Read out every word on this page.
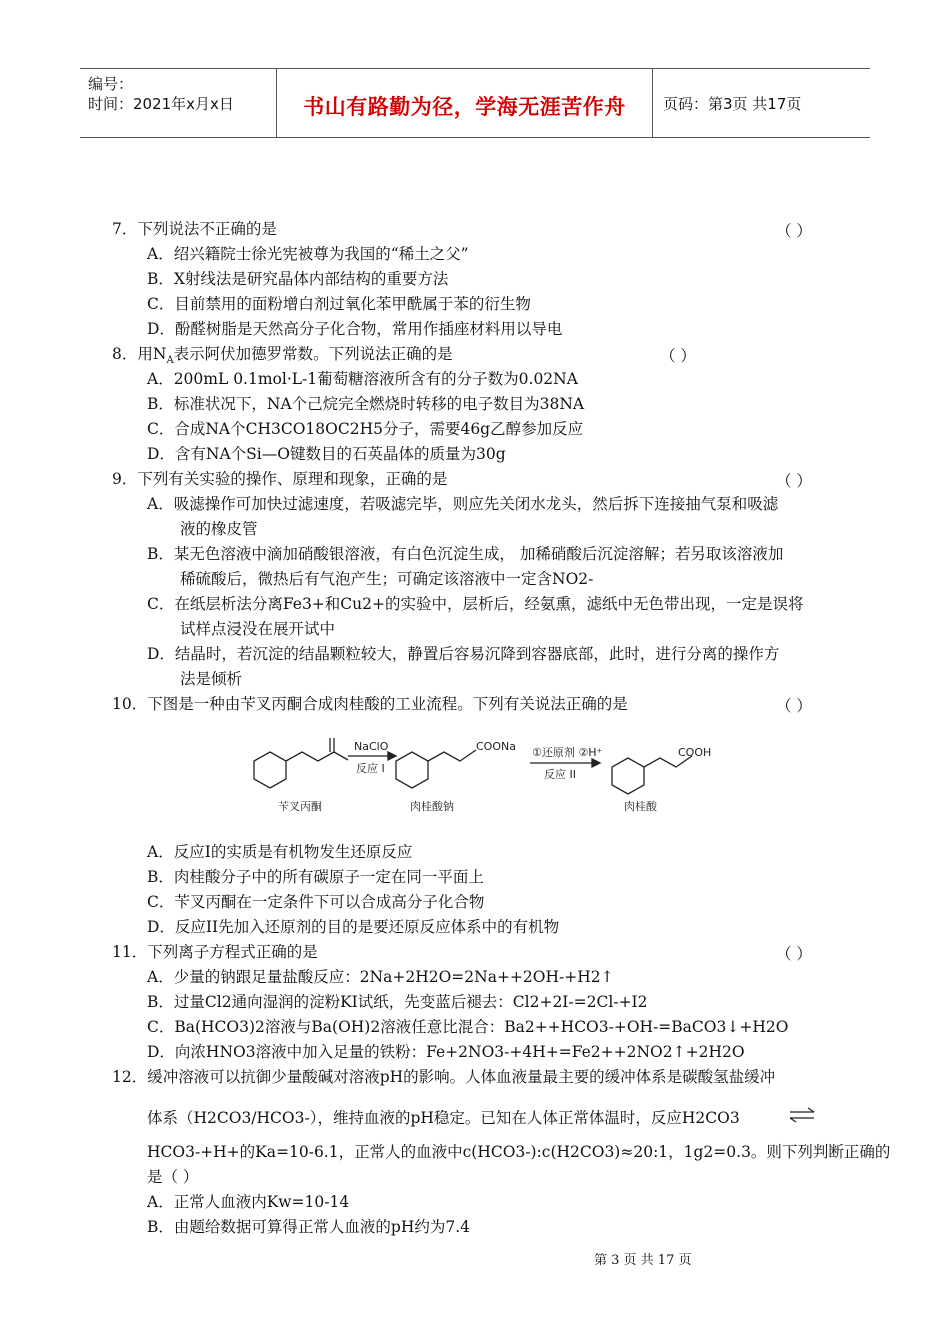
编号：
时间：2021年x月x日	书山有路勤为径，学海无涯苦作舟	页码：第3页 共17页
7．下列说法不正确的是	（ ）
A．绍兴籍院士徐光宪被尊为我国的“稀土之父”
B．X射线法是研究晶体内部结构的重要方法
C．目前禁用的面粉增白剂过氧化苯甲酰属于苯的衍生物
D．酚醛树脂是天然高分子化合物，常用作插座材料用以导电
8．用$N_A$表示阿伏加德罗常数。下列说法正确的是	（ ）
A．200mL 0.1mol·L-1葡萄糖溶液所含有的分子数为0.02NA
B．标准状况下，NA个己烷完全燃烧时转移的电子数目为38NA
C．合成NA个CH3CO18OC2H5分子，需要46g乙醇参加反应
D．含有NA个Si—O键数目的石英晶体的质量为30g
9．下列有关实验的操作、原理和现象，正确的是	（ ）
A．吸滤操作可加快过滤速度，若吸滤完毕，则应先关闭水龙头，然后拆下连接抽气泵和吸滤
液的橡皮管
B．某无色溶液中滴加硝酸银溶液，有白色沉淀生成， 加稀硝酸后沉淀溶解；若另取该溶液加
稀硫酸后，微热后有气泡产生；可确定该溶液中一定含NO2-
C．在纸层析法分离Fe3+和Cu2+的实验中，层析后，经氨熏，滤纸中无色带出现，一定是误将
试样点浸没在展开试中
D．结晶时，若沉淀的结晶颗粒较大，静置后容易沉降到容器底部，此时，进行分离的操作方
法是倾析
10．下图是一种由苄叉丙酮合成肉桂酸的工业流程。下列有关说法正确的是	（ ）
NaClO
反应 I
COONa ①还原剂 ②H⁺
反应 II
COOH
苄叉丙酮	肉桂酸钠	肉桂酸
A．反应I的实质是有机物发生还原反应
B．肉桂酸分子中的所有碳原子一定在同一平面上
C．苄叉丙酮在一定条件下可以合成高分子化合物
D．反应II先加入还原剂的目的是要还原反应体系中的有机物
11．下列离子方程式正确的是	（ ）
A．少量的钠跟足量盐酸反应：2Na+2H2O=2Na++2OH-+H2↑
B．过量Cl2通向湿润的淀粉KI试纸，先变蓝后褪去：Cl2+2I-=2Cl-+I2
C．Ba(HCO3)2溶液与Ba(OH)2溶液任意比混合：Ba2++HCO3-+OH-=BaCO3↓+H2O
D．向浓HNO3溶液中加入足量的铁粉：Fe+2NO3-+4H+=Fe2++2NO2↑+2H2O
12．缓冲溶液可以抗御少量酸碱对溶液pH的影响。人体血液量最主要的缓冲体系是碳酸氢盐缓冲
体系（H2CO3/HCO3-），维持血液的pH稳定。已知在人体正常体温时，反应H2CO3
HCO3-+H+的Ka=10-6.1，正常人的血液中c(HCO3-):c(H2CO3)≈20:1，1g2=0.3。则下列判断正确的
是（ ）
A．正常人血液内Kw=10-14
B．由题给数据可算得正常人血液的pH约为7.4
第 3 页 共 17 页
